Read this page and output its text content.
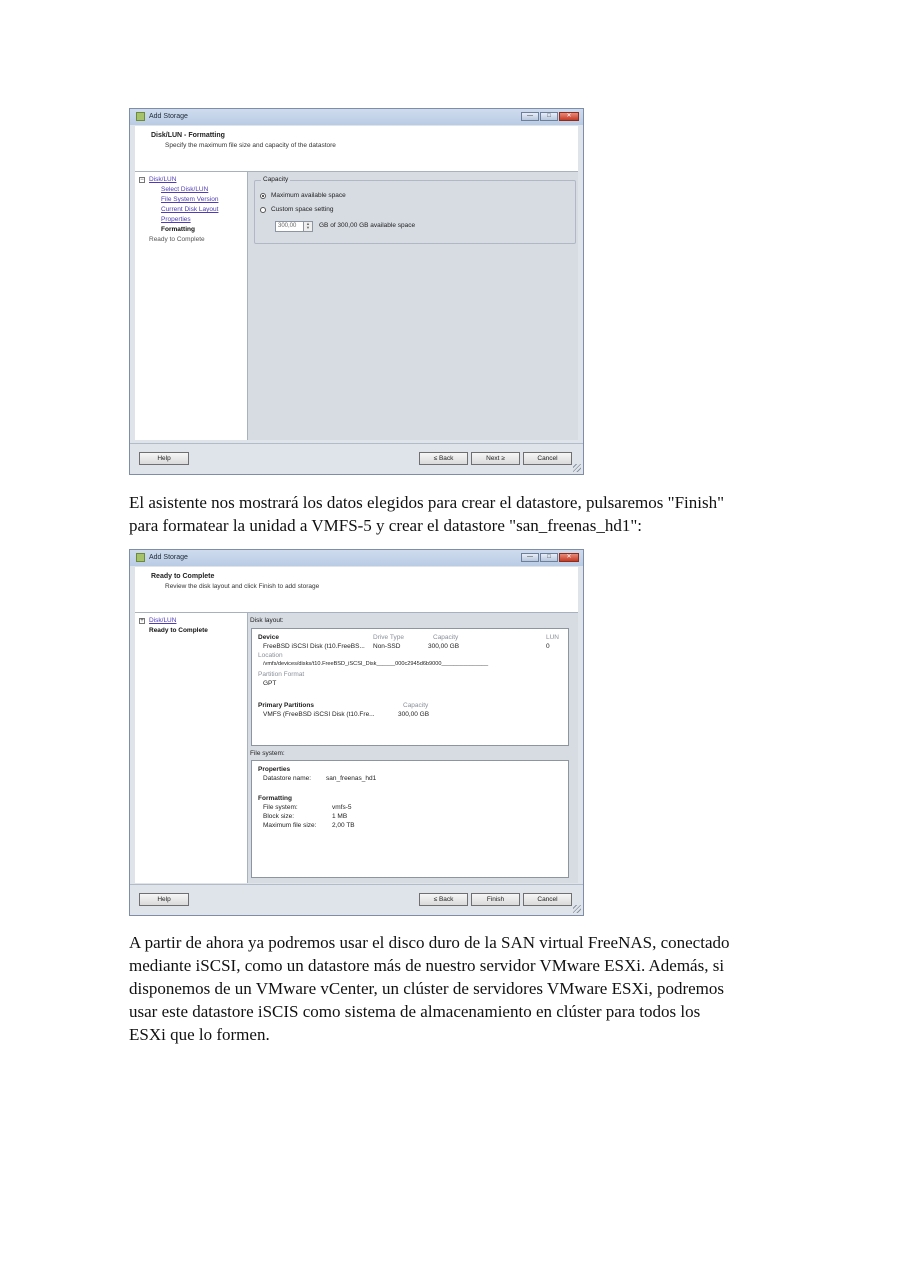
Add Storage	—	□	✕
Disk/LUN - Formatting
Specify the maximum file size and capacity of the datastore
− Disk/LUN
Select Disk/LUN
File System Version
Current Disk Layout
Properties
Formatting
Ready to Complete
Capacity
Maximum available space
Custom space setting
300,00	▲
▼	GB of 300,00 GB available space
Help	≤ Back	Next ≥	Cancel

El asistente nos mostrará los datos elegidos para crear el datastore, pulsaremos "Finish"
para formatear la unidad a VMFS-5 y crear el datastore "san_freenas_hd1":

Add Storage	—	□	✕
Ready to Complete
Review the disk layout and click Finish to add storage
+ Disk/LUN
Ready to Complete
Disk layout:
Device	Drive Type	Capacity	LUN
FreeBSD iSCSI Disk (t10.FreeBS... Non-SSD	300,00 GB	0
Location
/vmfs/devices/disks/t10.FreeBSD_iSCSI_Disk______000c2945d6b9000_______________
Partition Format
GPT
Primary Partitions	Capacity
VMFS (FreeBSD iSCSI Disk (t10.Fre...	300,00 GB
File system:
Properties
Datastore name: san_freenas_hd1
Formatting
File system:	vmfs-5
Block size:	1 MB
Maximum file size: 2,00 TB
Help	≤ Back	Finish	Cancel

A partir de ahora ya podremos usar el disco duro de la SAN virtual FreeNAS, conectado
mediante iSCSI, como un datastore más de nuestro servidor VMware ESXi. Además, si
disponemos de un VMware vCenter, un clúster de servidores VMware ESXi, podremos
usar este datastore iSCIS como sistema de almacenamiento en clúster para todos los
ESXi que lo formen.
